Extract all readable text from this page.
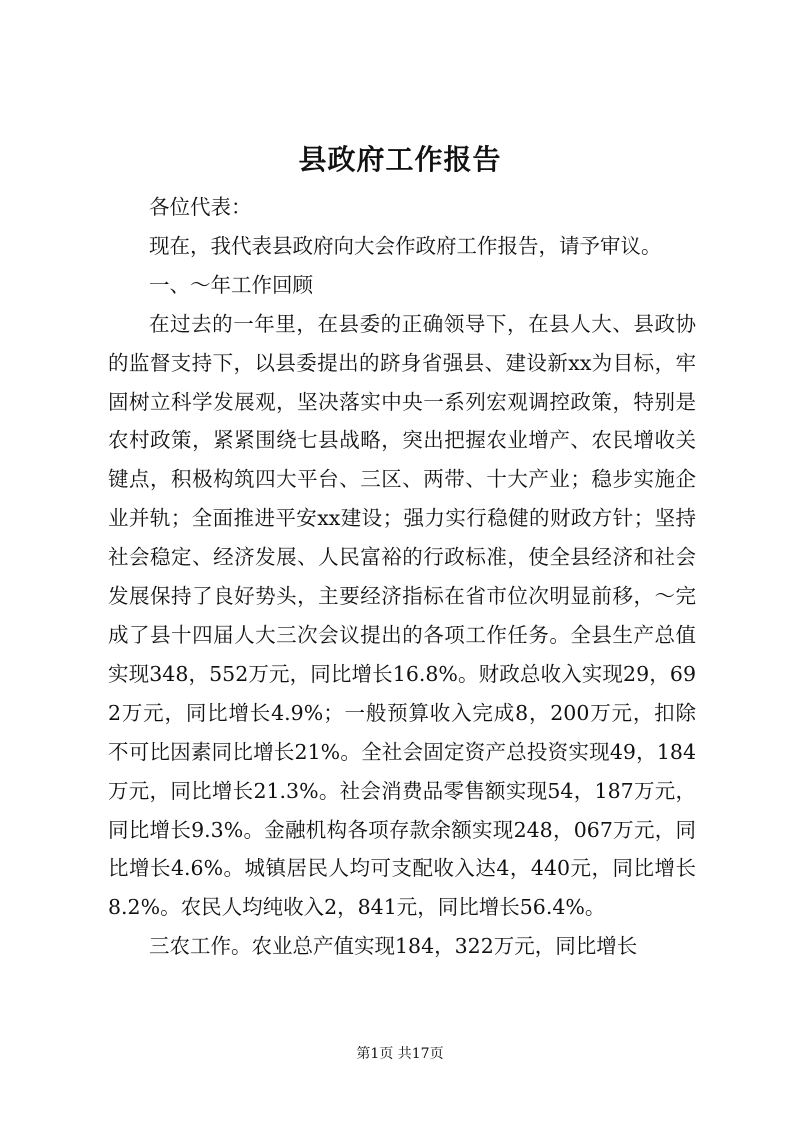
县政府工作报告

各位代表：

现在，我代表县政府向大会作政府工作报告，请予审议。

一、～年工作回顾

在过去的一年里，在县委的正确领导下，在县人大、县政协的监督支持下，以县委提出的跻身省强县、建设新xx为目标，牢固树立科学发展观，坚决落实中央一系列宏观调控政策，特别是农村政策，紧紧围绕七县战略，突出把握农业增产、农民增收关键点，积极构筑四大平台、三区、两带、十大产业；稳步实施企业并轨；全面推进平安xx建设；强力实行稳健的财政方针；坚持社会稳定、经济发展、人民富裕的行政标准，使全县经济和社会发展保持了良好势头，主要经济指标在省市位次明显前移，～完成了县十四届人大三次会议提出的各项工作任务。全县生产总值实现348，552万元，同比增长16.8%。财政总收入实现29，692万元，同比增长4.9%；一般预算收入完成8，200万元，扣除不可比因素同比增长21%。全社会固定资产总投资实现49，184万元，同比增长21.3%。社会消费品零售额实现54，187万元，同比增长9.3%。金融机构各项存款余额实现248，067万元，同比增长4.6%。城镇居民人均可支配收入达4，440元，同比增长8.2%。农民人均纯收入2，841元，同比增长56.4%。

三农工作。农业总产值实现184，322万元，同比增长

第1页 共17页
